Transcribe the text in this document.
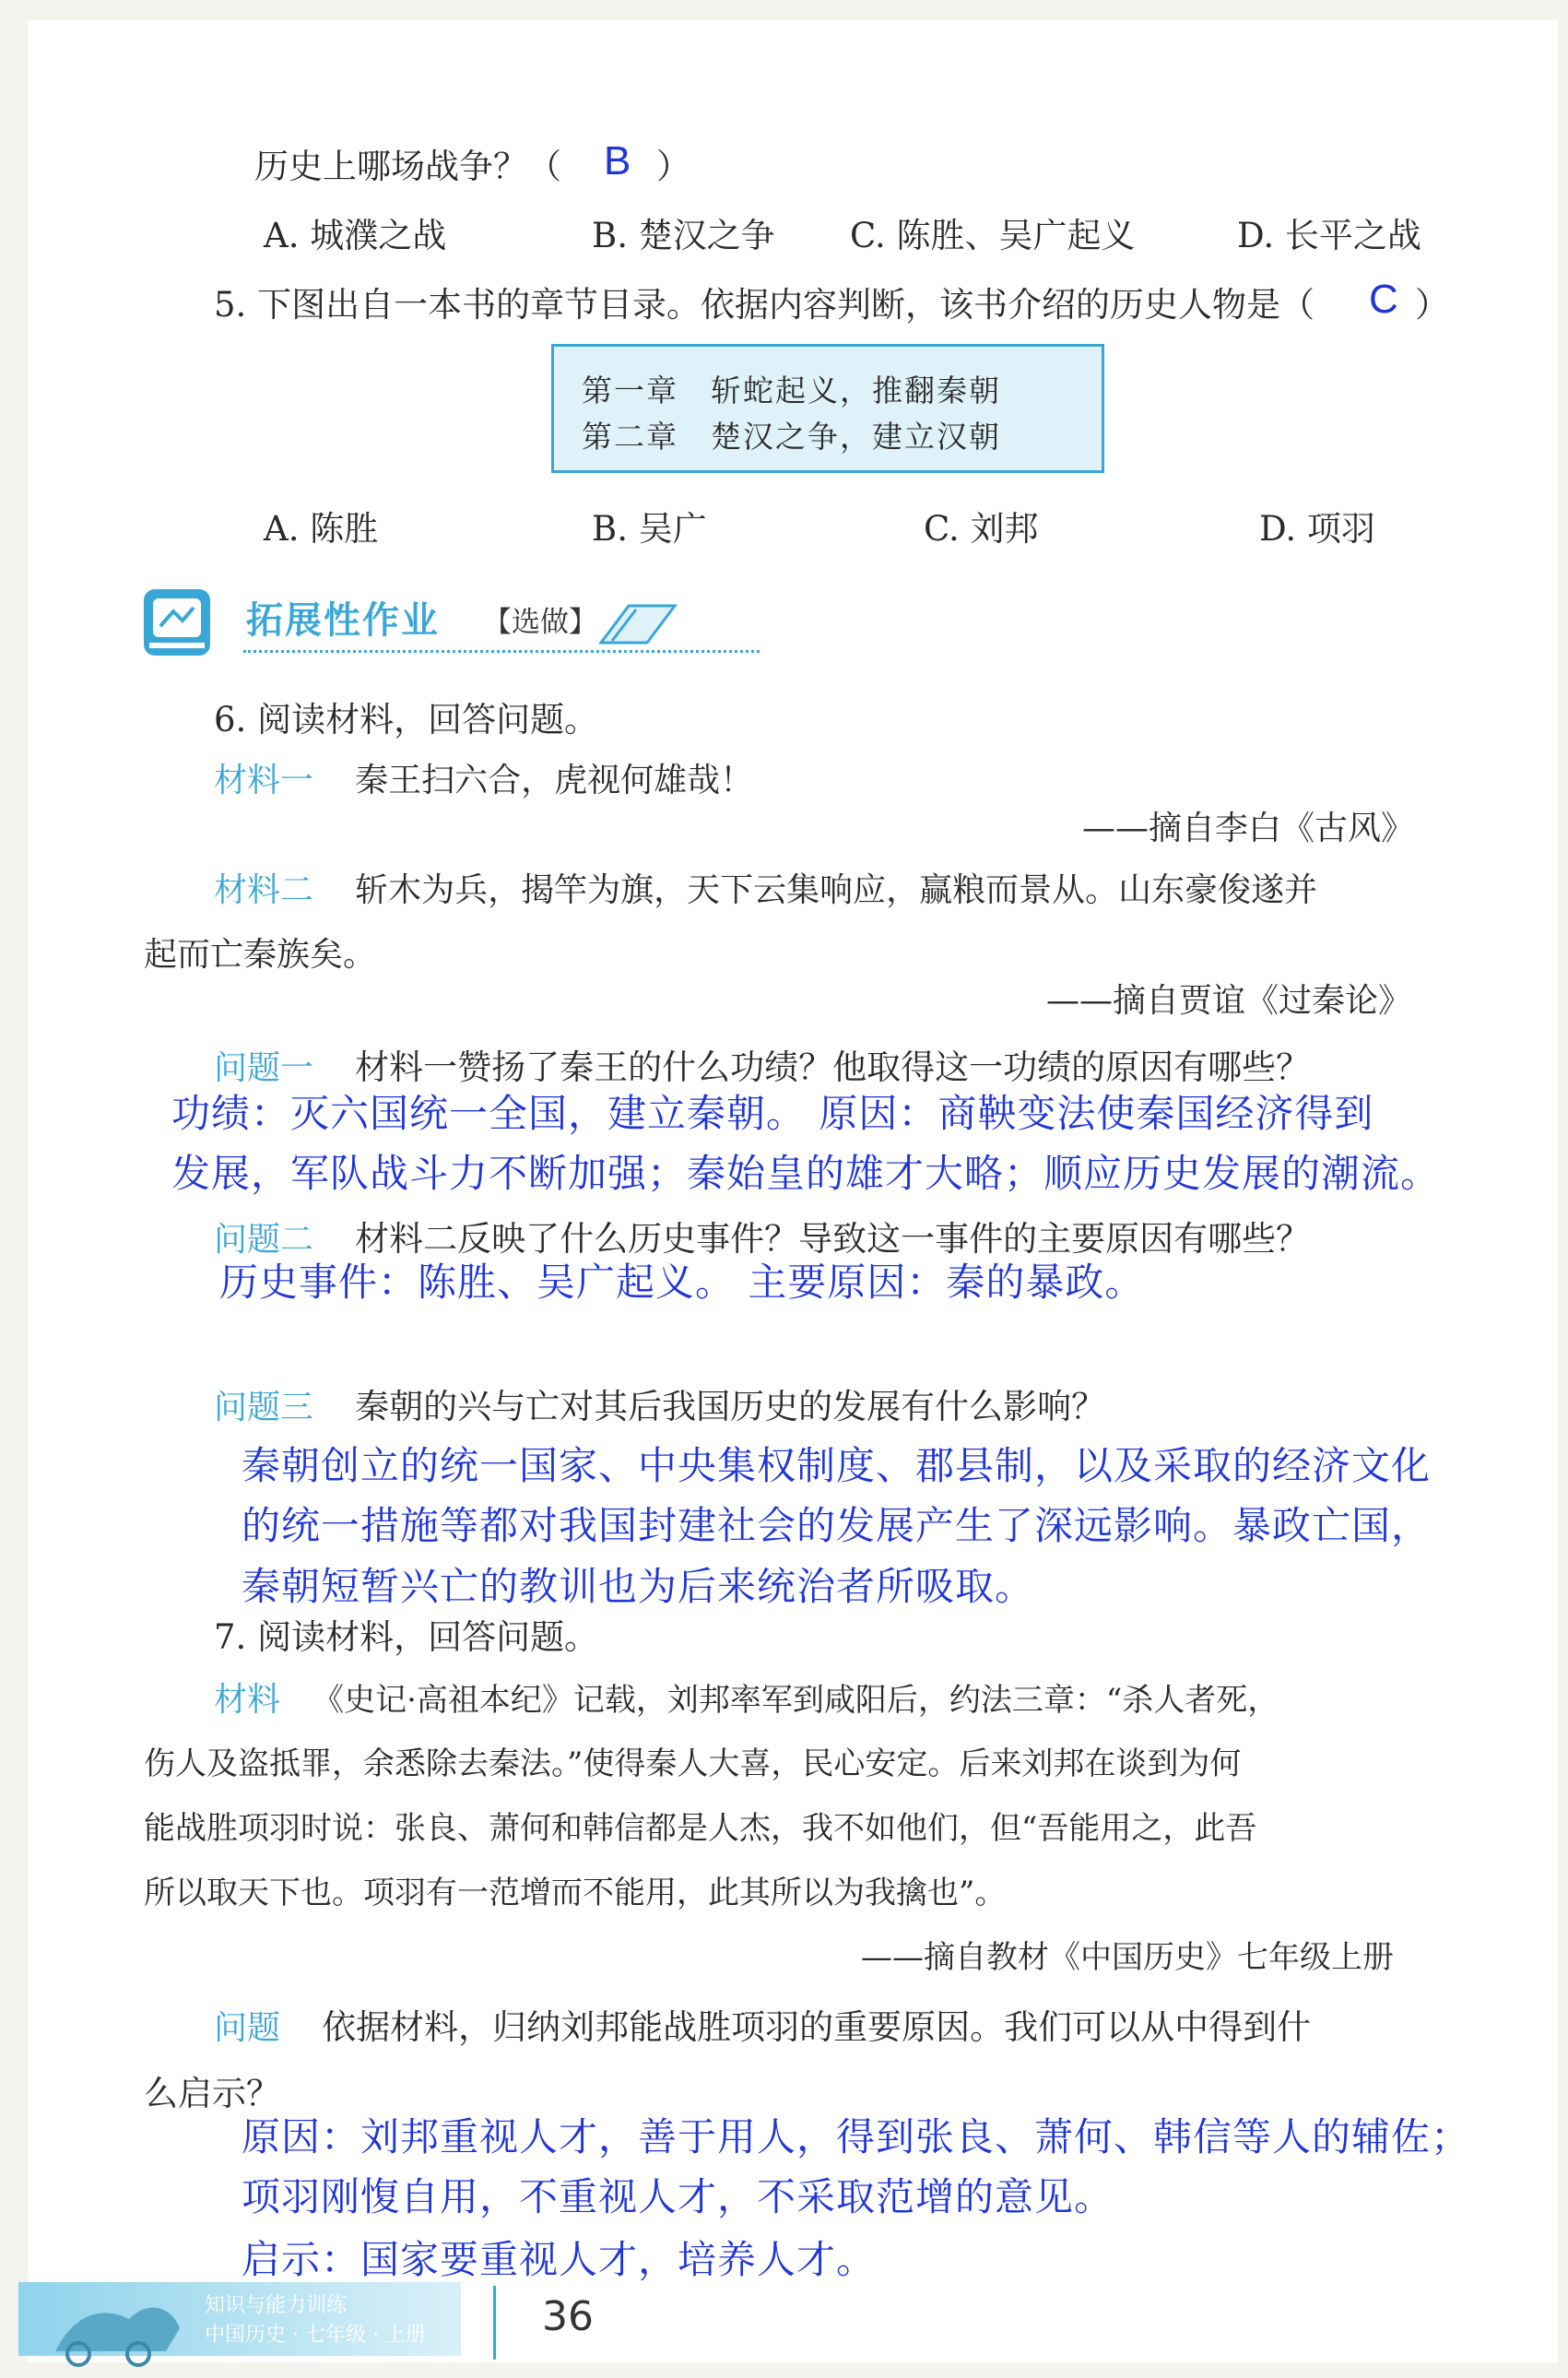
历史上哪场战争？（ B ）
A. 城濮之战	B. 楚汉之争 C. 陈胜、吴广起义	D. 长平之战
5. 下图出自一本书的章节目录。依据内容判断，该书介绍的历史人物是（ C ）
第一章　斩蛇起义，推翻秦朝
第二章　楚汉之争，建立汉朝
A. 陈胜	B. 吴广	C. 刘邦	D. 项羽
拓展性作业 【选做】
6. 阅读材料，回答问题。
材料一 秦王扫六合，虎视何雄哉！
——摘自李白《古风》
材料二 斩木为兵，揭竿为旗，天下云集响应，赢粮而景从。山东豪俊遂并
起而亡秦族矣。
——摘自贾谊《过秦论》
问题一 材料一赞扬了秦王的什么功绩？他取得这一功绩的原因有哪些？
功绩：灭六国统一全国，建立秦朝。 原因：商鞅变法使秦国经济得到
发展，军队战斗力不断加强；秦始皇的雄才大略；顺应历史发展的潮流。
问题二 材料二反映了什么历史事件？导致这一事件的主要原因有哪些？
历史事件：陈胜、吴广起义。 主要原因：秦的暴政。
问题三 秦朝的兴与亡对其后我国历史的发展有什么影响？
秦朝创立的统一国家、中央集权制度、郡县制，以及采取的经济文化
的统一措施等都对我国封建社会的发展产生了深远影响。暴政亡国，
秦朝短暂兴亡的教训也为后来统治者所吸取。
7. 阅读材料，回答问题。
材料 《史记·高祖本纪》记载，刘邦率军到咸阳后，约法三章：“杀人者死，
伤人及盗抵罪，余悉除去秦法。”使得秦人大喜，民心安定。后来刘邦在谈到为何
能战胜项羽时说：张良、萧何和韩信都是人杰，我不如他们，但“吾能用之，此吾
所以取天下也。项羽有一范增而不能用，此其所以为我擒也”。
——摘自教材《中国历史》七年级上册
问题 依据材料，归纳刘邦能战胜项羽的重要原因。我们可以从中得到什
么启示？
原因：刘邦重视人才，善于用人，得到张良、萧何、韩信等人的辅佐；
项羽刚愎自用，不重视人才，不采取范增的意见。
启示：国家要重视人才，培养人才。
知识与能力训练
中国历史 · 七年级 · 上册	36
